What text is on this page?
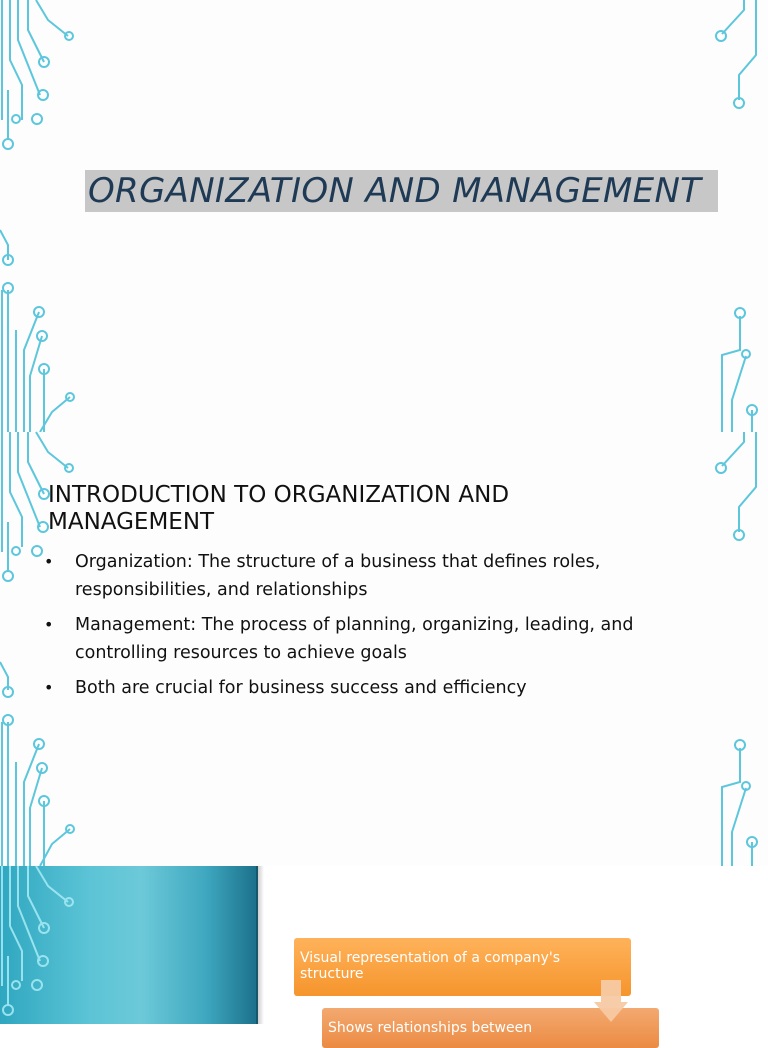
ORGANIZATION AND MANAGEMENT
INTRODUCTION TO ORGANIZATION AND MANAGEMENT
• Organization: The structure of a business that defines roles, responsibilities, and relationships
• Management: The process of planning, organizing, leading, and controlling resources to achieve goals
• Both are crucial for business success and efficiency
Visual representation of a company's structure
Shows relationships between
